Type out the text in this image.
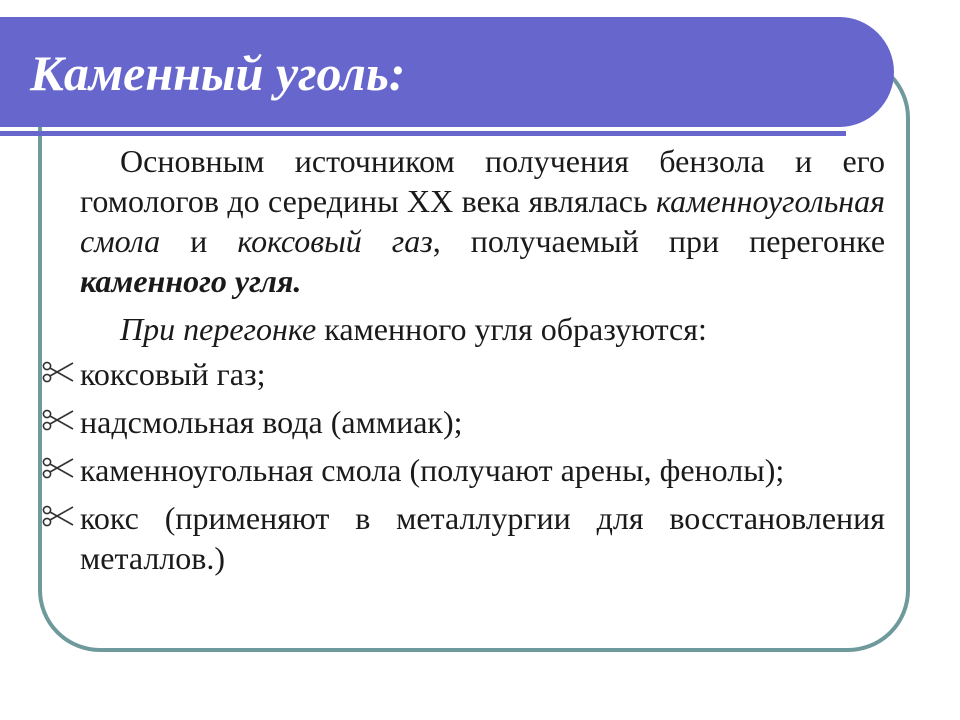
Каменный уголь:

Основным источником получения бензола и его гомологов до середины XX века являлась каменноугольная смола и коксовый газ, получаемый при перегонке каменного угля.

При перегонке каменного угля образуются:

коксовый газ;
надсмольная вода (аммиак);
каменноугольная смола (получают арены, фенолы);
кокс (применяют в металлургии для восстановления металлов.)
